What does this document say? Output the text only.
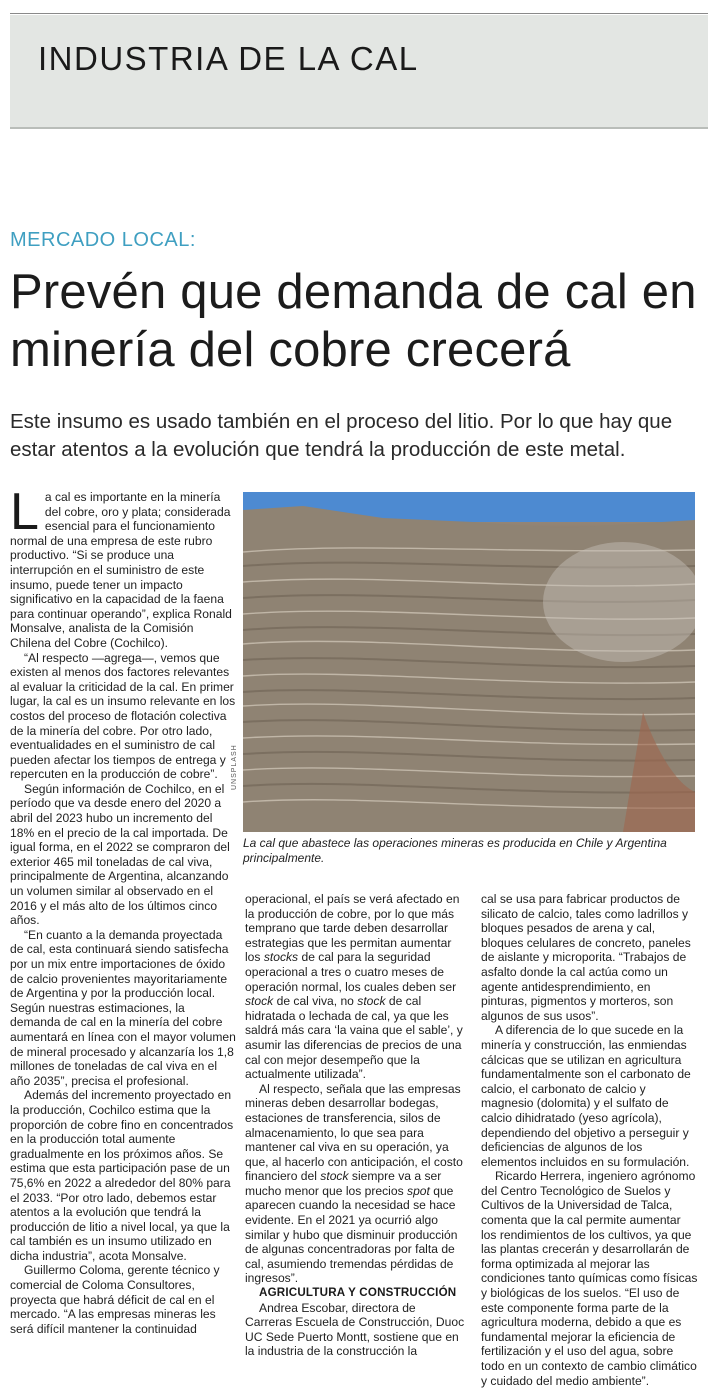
INDUSTRIA DE LA CAL
MERCADO LOCAL:
Prevén que demanda de cal en minería del cobre crecerá

Este insumo es usado también en el proceso del litio. Por lo que hay que estar atentos a la evolución que tendrá la producción de este metal.

La cal es importante en la minería del cobre, oro y plata; considerada esencial para el funcionamiento normal de una empresa de este rubro productivo. “Si se produce una interrupción en el suministro de este insumo, puede tener un impacto significativo en la capacidad de la faena para continuar operando”, explica Ronald Monsalve, analista de la Comisión Chilena del Cobre (Cochilco).

“Al respecto —agrega—, vemos que existen al menos dos factores relevantes al evaluar la criticidad de la cal. En primer lugar, la cal es un insumo relevante en los costos del proceso de flotación colectiva de la minería del cobre. Por otro lado, eventualidades en el suministro de cal pueden afectar los tiempos de entrega y repercuten en la producción de cobre”.

Según información de Cochilco, en el período que va desde enero del 2020 a abril del 2023 hubo un incremento del 18% en el precio de la cal importada. De igual forma, en el 2022 se compraron del exterior 465 mil toneladas de cal viva, principalmente de Argentina, alcanzando un volumen similar al observado en el 2016 y el más alto de los últimos cinco años.

“En cuanto a la demanda proyectada de cal, esta continuará siendo satisfecha por un mix entre importaciones de óxido de calcio provenientes mayoritariamente de Argentina y por la producción local. Según nuestras estimaciones, la demanda de cal en la minería del cobre aumentará en línea con el mayor volumen de mineral procesado y alcanzaría los 1,8 millones de toneladas de cal viva en el año 2035”, precisa el profesional.

Además del incremento proyectado en la producción, Cochilco estima que la proporción de cobre fino en concentrados en la producción total aumente gradualmente en los próximos años. Se estima que esta participación pase de un 75,6% en 2022 a alrededor del 80% para el 2033. “Por otro lado, debemos estar atentos a la evolución que tendrá la producción de litio a nivel local, ya que la cal también es un insumo utilizado en dicha industria”, acota Monsalve.

Guillermo Coloma, gerente técnico y comercial de Coloma Consultores, proyecta que habrá déficit de cal en el mercado. “A las empresas mineras les será difícil mantener la continuidad

UNSPLASH

La cal que abastece las operaciones mineras es producida en Chile y Argentina principalmente.

operacional, el país se verá afectado en la producción de cobre, por lo que más temprano que tarde deben desarrollar estrategias que les permitan aumentar los stocks de cal para la seguridad operacional a tres o cuatro meses de operación normal, los cuales deben ser stock de cal viva, no stock de cal hidratada o lechada de cal, ya que les saldrá más cara ‘la vaina que el sable’, y asumir las diferencias de precios de una cal con mejor desempeño que la actualmente utilizada”.

Al respecto, señala que las empresas mineras deben desarrollar bodegas, estaciones de transferencia, silos de almacenamiento, lo que sea para mantener cal viva en su operación, ya que, al hacerlo con anticipación, el costo financiero del stock siempre va a ser mucho menor que los precios spot que aparecen cuando la necesidad se hace evidente. En el 2021 ya ocurrió algo similar y hubo que disminuir producción de algunas concentradoras por falta de cal, asumiendo tremendas pérdidas de ingresos”.

AGRICULTURA Y CONSTRUCCIÓN

Andrea Escobar, directora de Carreras Escuela de Construcción, Duoc UC Sede Puerto Montt, sostiene que en la industria de la construcción la

cal se usa para fabricar productos de silicato de calcio, tales como ladrillos y bloques pesados de arena y cal, bloques celulares de concreto, paneles de aislante y microporita. “Trabajos de asfalto donde la cal actúa como un agente antidesprendimiento, en pinturas, pigmentos y morteros, son algunos de sus usos”.

A diferencia de lo que sucede en la minería y construcción, las enmiendas cálcicas que se utilizan en agricultura fundamentalmente son el carbonato de calcio, el carbonato de calcio y magnesio (dolomita) y el sulfato de calcio dihidratado (yeso agrícola), dependiendo del objetivo a perseguir y deficiencias de algunos de los elementos incluidos en su formulación.

Ricardo Herrera, ingeniero agrónomo del Centro Tecnológico de Suelos y Cultivos de la Universidad de Talca, comenta que la cal permite aumentar los rendimientos de los cultivos, ya que las plantas crecerán y desarrollarán de forma optimizada al mejorar las condiciones tanto químicas como físicas y biológicas de los suelos. “El uso de este componente forma parte de la agricultura moderna, debido a que es fundamental mejorar la eficiencia de fertilización y el uso del agua, sobre todo en un contexto de cambio climático y cuidado del medio ambiente”.
